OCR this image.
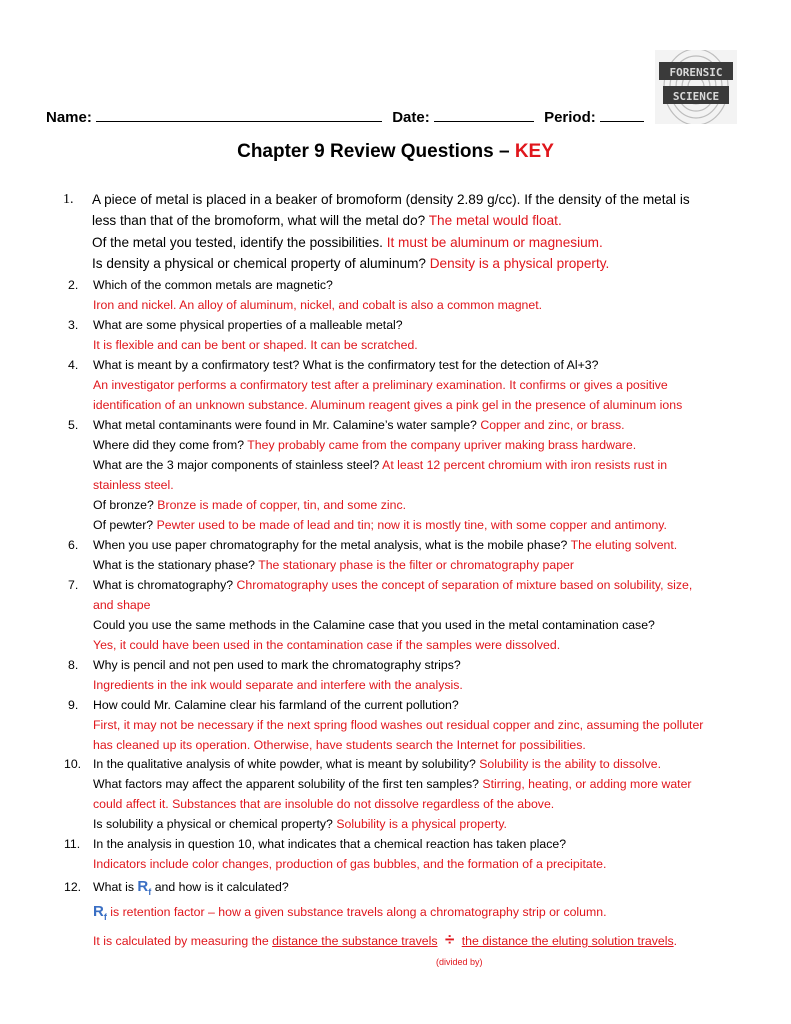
FORENSIC
SCIENCE
Name:	Date:	Period:
Chapter 9 Review Questions – KEY
1. A piece of metal is placed in a beaker of bromoform (density 2.89 g/cc). If the density of the metal is
less than that of the bromoform, what will the metal do? The metal would float.
Of the metal you tested, identify the possibilities. It must be aluminum or magnesium.
Is density a physical or chemical property of aluminum? Density is a physical property.
2. Which of the common metals are magnetic?
Iron and nickel. An alloy of aluminum, nickel, and cobalt is also a common magnet.
3. What are some physical properties of a malleable metal?
It is flexible and can be bent or shaped. It can be scratched.
4. What is meant by a confirmatory test? What is the confirmatory test for the detection of Al+3?
An investigator performs a confirmatory test after a preliminary examination. It confirms or gives a positive
identification of an unknown substance. Aluminum reagent gives a pink gel in the presence of aluminum ions
5. What metal contaminants were found in Mr. Calamine’s water sample? Copper and zinc, or brass.
Where did they come from? They probably came from the company upriver making brass hardware.
What are the 3 major components of stainless steel? At least 12 percent chromium with iron resists rust in
stainless steel.
Of bronze? Bronze is made of copper, tin, and some zinc.
Of pewter? Pewter used to be made of lead and tin; now it is mostly tine, with some copper and antimony.
6. When you use paper chromatography for the metal analysis, what is the mobile phase? The eluting solvent.
What is the stationary phase? The stationary phase is the filter or chromatography paper
7. What is chromatography? Chromatography uses the concept of separation of mixture based on solubility, size,
and shape
Could you use the same methods in the Calamine case that you used in the metal contamination case?
Yes, it could have been used in the contamination case if the samples were dissolved.
8. Why is pencil and not pen used to mark the chromatography strips?
Ingredients in the ink would separate and interfere with the analysis.
9. How could Mr. Calamine clear his farmland of the current pollution?
First, it may not be necessary if the next spring flood washes out residual copper and zinc, assuming the polluter
has cleaned up its operation. Otherwise, have students search the Internet for possibilities.
10. In the qualitative analysis of white powder, what is meant by solubility? Solubility is the ability to dissolve.
What factors may affect the apparent solubility of the first ten samples? Stirring, heating, or adding more water
could affect it. Substances that are insoluble do not dissolve regardless of the above.
Is solubility a physical or chemical property? Solubility is a physical property.
11. In the analysis in question 10, what indicates that a chemical reaction has taken place?
Indicators include color changes, production of gas bubbles, and the formation of a precipitate.
12. What is $R_f$ and how is it calculated?
$R_f$ is retention factor – how a given substance travels along a chromatography strip or column.
It is calculated by measuring the distance the substance travels ÷ the distance the eluting solution travels.
(divided by)
